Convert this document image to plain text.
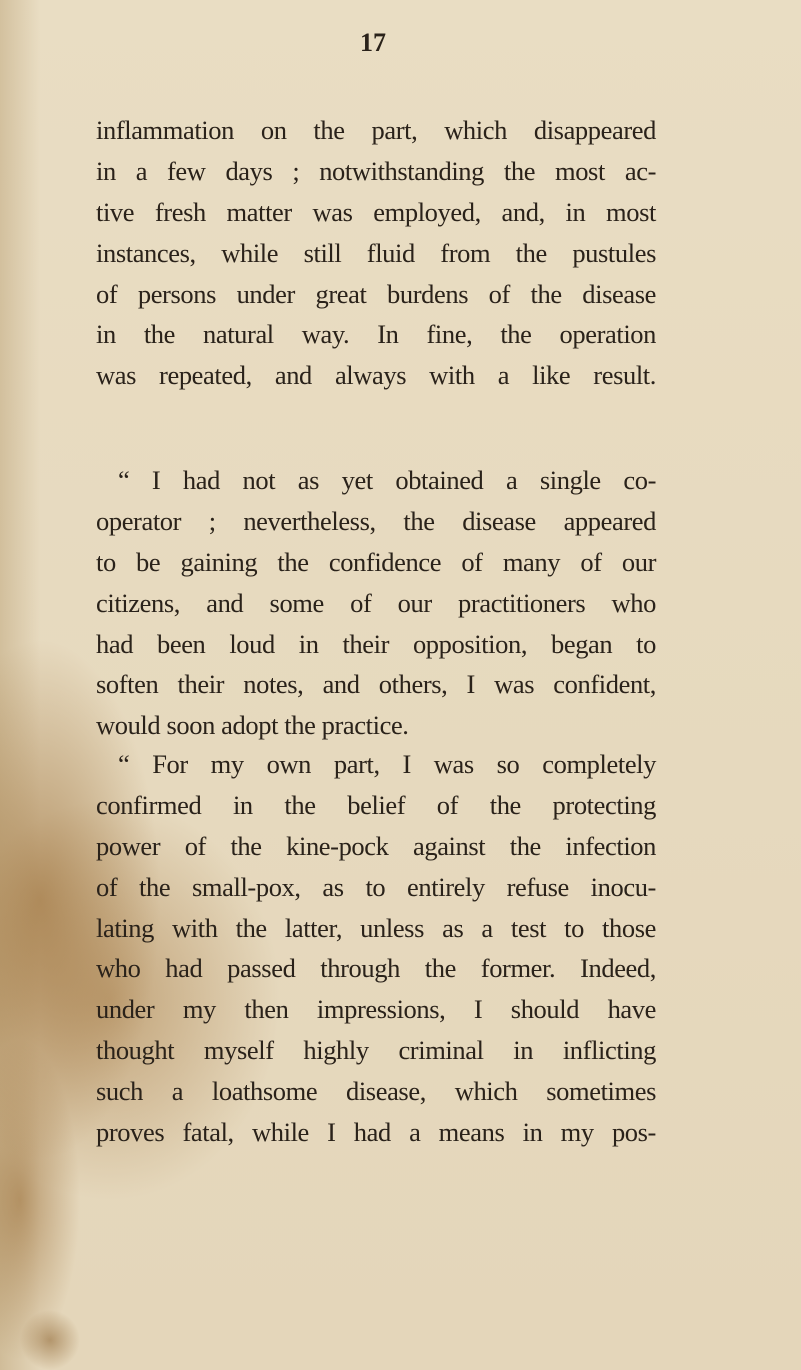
17
inflammation on the part, which disappeared
in a few days ; notwithstanding the most ac-
tive fresh matter was employed, and, in most
instances, while still fluid from the pustules
of persons under great burdens of the disease
in the natural way. In fine, the operation
was repeated, and always with a like result.
“ I had not as yet obtained a single co-
operator ; nevertheless, the disease appeared
to be gaining the confidence of many of our
citizens, and some of our practitioners who
had been loud in their opposition, began to
soften their notes, and others, I was confident,
would soon adopt the practice.
“ For my own part, I was so completely
confirmed in the belief of the protecting
power of the kine-pock against the infection
of the small-pox, as to entirely refuse inocu-
lating with the latter, unless as a test to those
who had passed through the former. Indeed,
under my then impressions, I should have
thought myself highly criminal in inflicting
such a loathsome disease, which sometimes
proves fatal, while I had a means in my pos-
